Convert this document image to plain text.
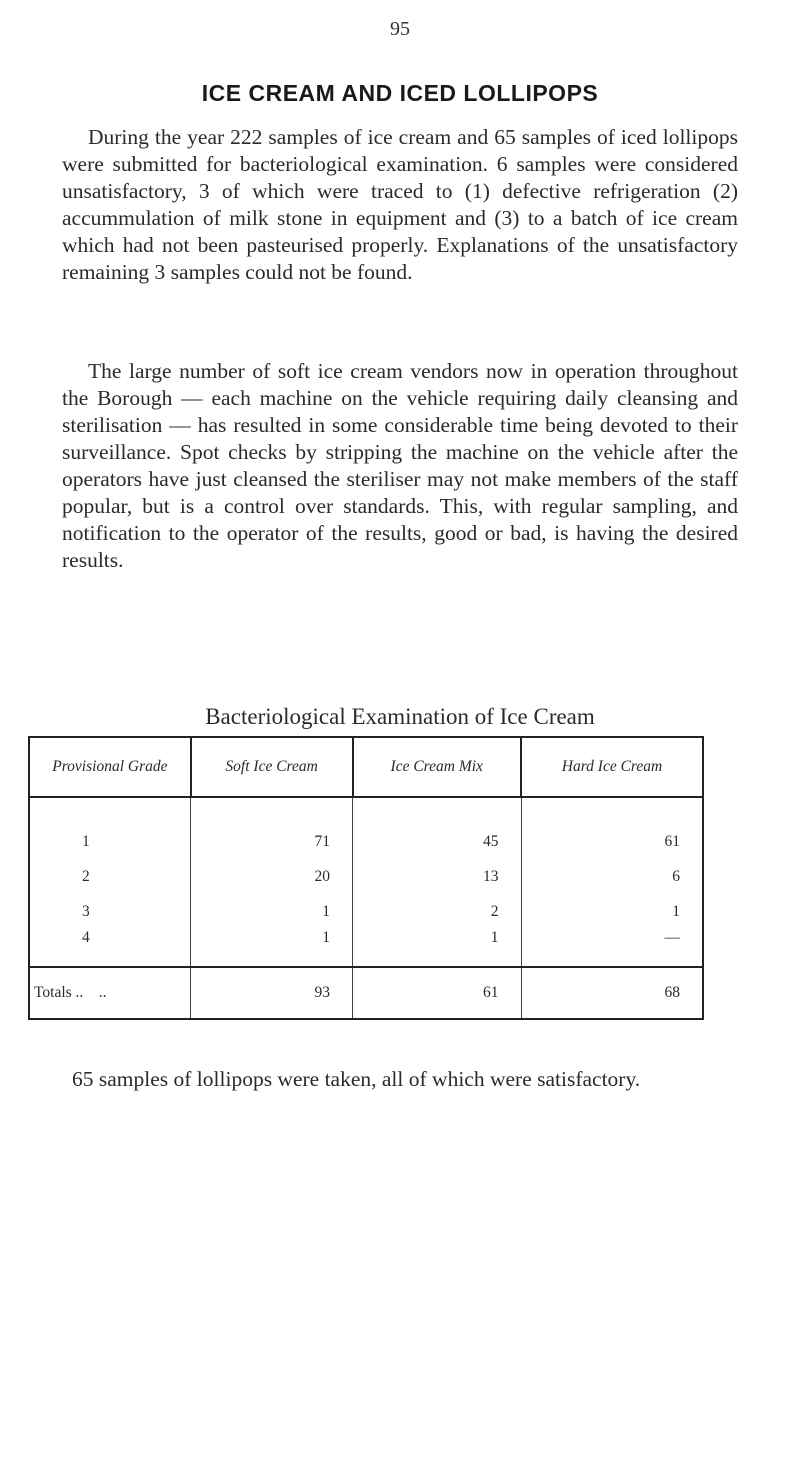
95
ICE CREAM AND ICED LOLLIPOPS

During the year 222 samples of ice cream and 65 samples of iced lollipops were submitted for bacteriological examination. 6 samples were considered unsatisfactory, 3 of which were traced to (1) defective refrigeration (2) accummulation of milk stone in equipment and (3) to a batch of ice cream which had not been pasteurised properly. Explanations of the unsatisfactory remaining 3 samples could not be found.

The large number of soft ice cream vendors now in operation throughout the Borough — each machine on the vehicle requiring daily cleansing and sterilisation — has resulted in some considerable time being devoted to their surveillance. Spot checks by stripping the machine on the vehicle after the operators have just cleansed the steriliser may not make members of the staff popular, but is a control over standards. This, with regular sampling, and notification to the operator of the results, good or bad, is having the desired results.

Bacteriological Examination of Ice Cream
Provisional Grade	Soft Ice Cream	Ice Cream Mix	Hard Ice Cream
1	71	45	61
2	20	13	6
3	1	2	1
4	1	1	—
Totals ..    ..	93	61	68

65 samples of lollipops were taken, all of which were satisfactory.
